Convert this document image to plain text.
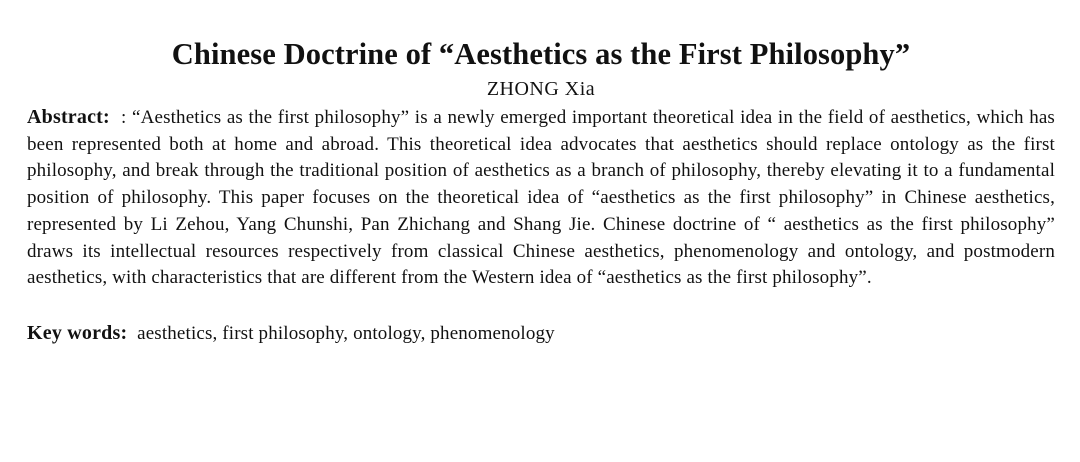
Chinese Doctrine of “Aesthetics as the First Philosophy”
ZHONG Xia

Abstract: : “Aesthetics as the first philosophy” is a newly emerged important theoretical idea in the field of aesthetics, which has been represented both at home and abroad. This theoretical idea advocates that aesthetics should replace ontology as the first philosophy, and break through the traditional position of aesthetics as a branch of philosophy, thereby elevating it to a fundamental position of philosophy. This paper focuses on the theoretical idea of “aesthetics as the first philosophy” in Chinese aesthetics, represented by Li Zehou, Yang Chunshi, Pan Zhichang and Shang Jie. Chinese doctrine of “ aesthetics as the first philosophy” draws its intellectual resources respectively from classical Chinese aesthetics, phenomenology and ontology, and postmodern aesthetics, with characteristics that are different from the Western idea of “aesthetics as the first philosophy”.

Key words: aesthetics, first philosophy, ontology, phenomenology
